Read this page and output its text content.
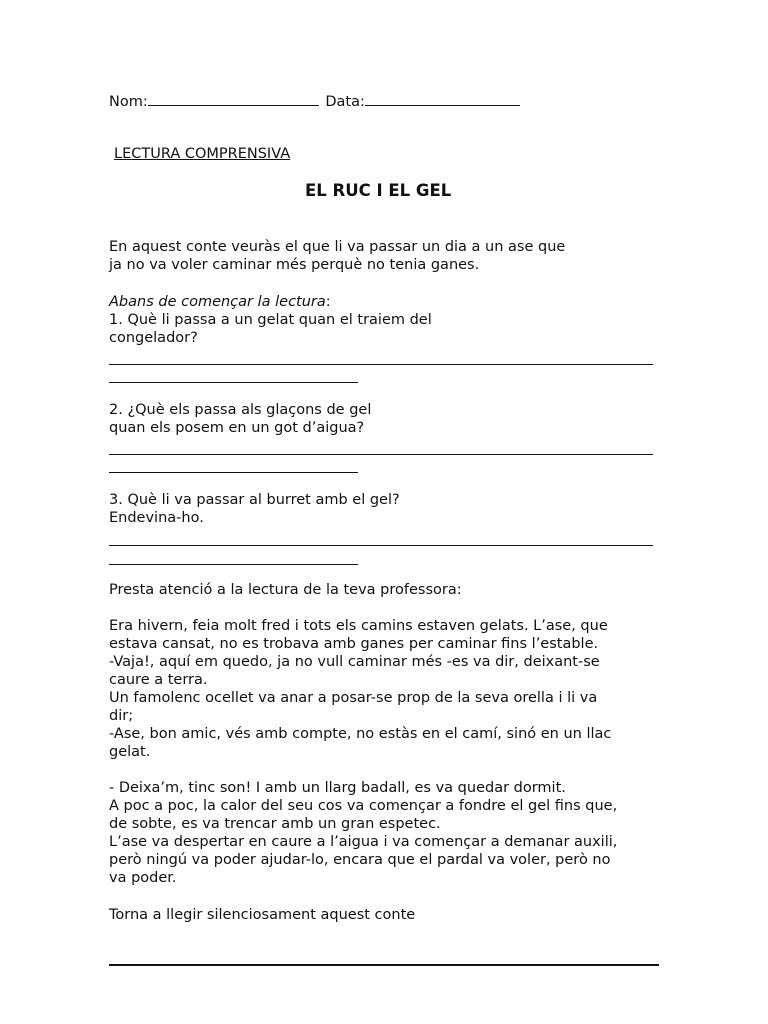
Nom:	Data:
LECTURA COMPRENSIVA
EL RUC I EL GEL
En aquest conte veuràs el que li va passar un dia a un ase que
ja no va voler caminar més perquè no tenia ganes.
Abans de començar la lectura:
1. Què li passa a un gelat quan el traiem del
congelador?
2. ¿Què els passa als glaçons de gel
quan els posem en un got d’aigua?
3. Què li va passar al burret amb el gel?
Endevina-ho.
Presta atenció a la lectura de la teva professora:
Era hivern, feia molt fred i tots els camins estaven gelats. L’ase, que
estava cansat, no es trobava amb ganes per caminar fins l’estable.
-Vaja!, aquí em quedo, ja no vull caminar més -es va dir, deixant-se
caure a terra.
Un famolenc ocellet va anar a posar-se prop de la seva orella i li va
dir;
-Ase, bon amic, vés amb compte, no estàs en el camí, sinó en un llac
gelat.
- Deixa’m, tinc son! I amb un llarg badall, es va quedar dormit.
A poc a poc, la calor del seu cos va començar a fondre el gel fins que,
de sobte, es va trencar amb un gran espetec.
L’ase va despertar en caure a l’aigua i va començar a demanar auxili,
però ningú va poder ajudar-lo, encara que el pardal va voler, però no
va poder.
Torna a llegir silenciosament aquest conte
